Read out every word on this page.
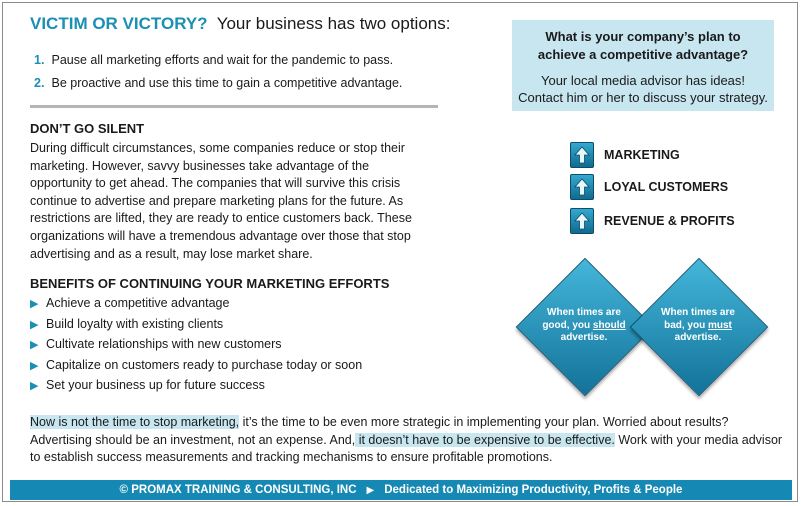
VICTIM OR VICTORY? Your business has two options:
1. Pause all marketing efforts and wait for the pandemic to pass.
2. Be proactive and use this time to gain a competitive advantage.
What is your company’s plan to
achieve a competitive advantage?
Your local media advisor has ideas!
Contact him or her to discuss your strategy.
DON’T GO SILENT
During difficult circumstances, some companies reduce or stop their marketing. However, savvy businesses take advantage of the opportunity to get ahead. The companies that will survive this crisis continue to advertise and prepare marketing plans for the future. As restrictions are lifted, they are ready to entice customers back. These organizations will have a tremendous advantage over those that stop advertising and as a result, may lose market share.
BENEFITS OF CONTINUING YOUR MARKETING EFFORTS
▶ Achieve a competitive advantage
▶ Build loyalty with existing clients
▶ Cultivate relationships with new customers
▶ Capitalize on customers ready to purchase today or soon
▶ Set your business up for future success
MARKETING
LOYAL CUSTOMERS
REVENUE & PROFITS
When times are
good, you should
advertise.
When times are
bad, you must
advertise.
Now is not the time to stop marketing, it’s the time to be even more strategic in implementing your plan. Worried about results? Advertising should be an investment, not an expense. And, it doesn’t have to be expensive to be effective. Work with your media advisor to establish success measurements and tracking mechanisms to ensure profitable promotions.
© PROMAX TRAINING & CONSULTING, INC ▶ Dedicated to Maximizing Productivity, Profits & People
